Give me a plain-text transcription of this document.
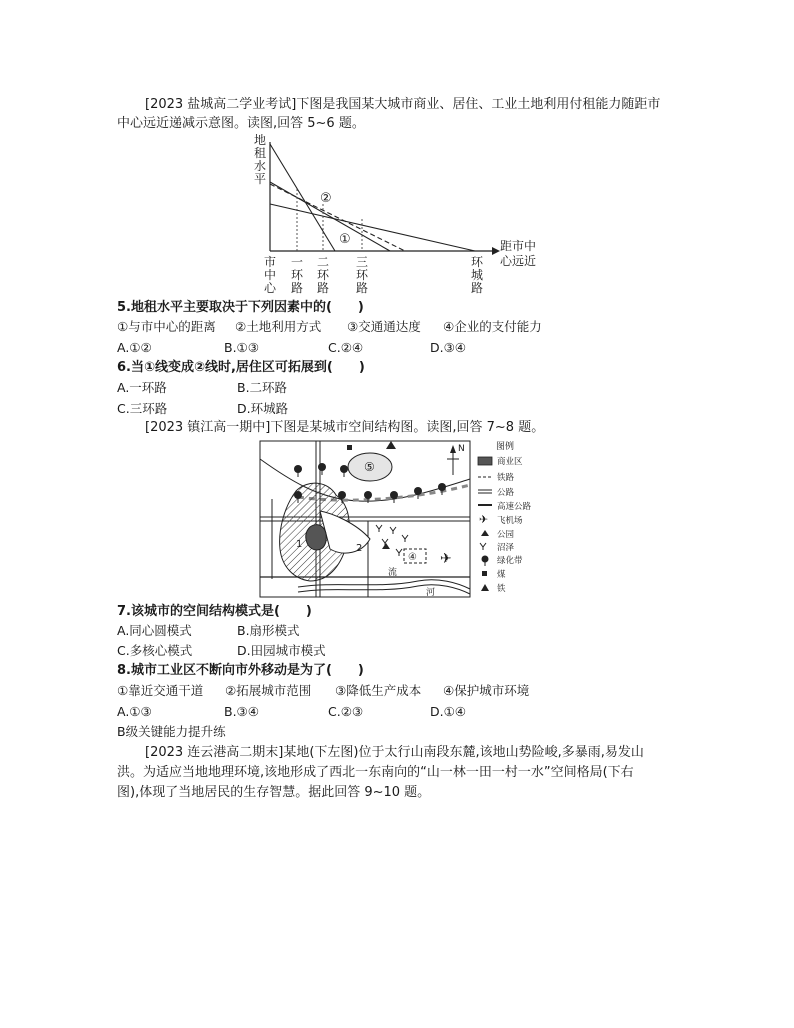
[2023 盐城高二学业考试]下图是我国某大城市商业、居住、工业土地利用付租能力随距市
中心远近递减示意图。读图,回答 5~6 题。
地租水平
距市中
心远近
②
①
市中心
一环路
二环路
三环路
环城路
5.地租水平主要取决于下列因素中的(　　)
①与市中心的距离	②土地利用方式	③交通通达度	④企业的支付能力
A.①②	B.①③	C.②④	D.③④
6.当①线变成②线时,居住区可拓展到(　　)
A.一环路	B.二环路
C.三环路	D.环城路
[2023 镇江高一期中]下图是某城市空间结构图。读图,回答 7~8 题。
1	2
⑤
N
④ ✈
流
河
图例
✈
商业区
铁路
公路
高速公路
飞机场
公园
沼泽
绿化带
煤
铁
7.该城市的空间结构模式是(　　)
A.同心圆模式	B.扇形模式
C.多核心模式	D.田园城市模式
8.城市工业区不断向市外移动是为了(　　)
①靠近交通干道	②拓展城市范围	③降低生产成本	④保护城市环境
A.①③	B.③④	C.②③	D.①④
B级关键能力提升练
[2023 连云港高二期末]某地(下左图)位于太行山南段东麓,该地山势险峻,多暴雨,易发山
洪。为适应当地地理环境,该地形成了西北一东南向的“山一林一田一村一水”空间格局(下右
图),体现了当地居民的生存智慧。据此回答 9~10 题。
